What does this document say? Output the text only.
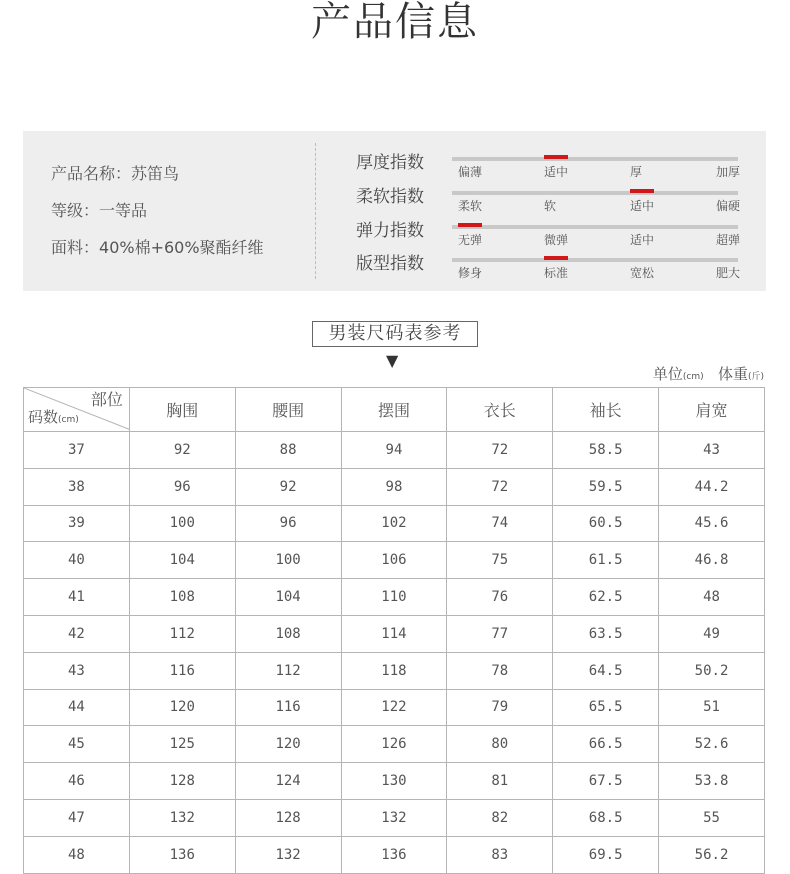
产品信息
产品名称：苏笛鸟
等级：一等品
面料：40%棉+60%聚酯纤维
厚度指数	偏薄	适中	厚	加厚
柔软指数	柔软	软	适中	偏硬
弹力指数	无弹	微弹	适中	超弹
版型指数	修身	标准	宽松	肥大
男装尺码表参考
▼
单位(cm) 体重(斤)
部位
码数(cm)	胸围	腰围	摆围	衣长	袖长	肩宽
37	92	88	94	72	58.5	43
38	96	92	98	72	59.5	44.2
39	100	96	102	74	60.5	45.6
40	104	100	106	75	61.5	46.8
41	108	104	110	76	62.5	48
42	112	108	114	77	63.5	49
43	116	112	118	78	64.5	50.2
44	120	116	122	79	65.5	51
45	125	120	126	80	66.5	52.6
46	128	124	130	81	67.5	53.8
47	132	128	132	82	68.5	55
48	136	132	136	83	69.5	56.2
